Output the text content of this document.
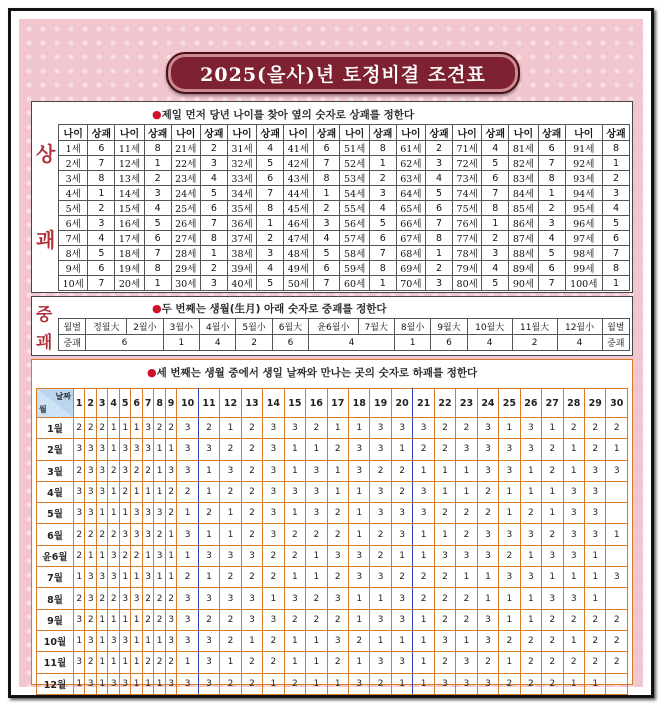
2025(을사)년 토정비결 조견표
상
괘
●제일 먼저 당년 나이를 찾아 옆의 숫자로 상괘를 정한다
나이	상괘	나이	상괘	나이	상괘	나이	상괘	나이	상괘	나이	상괘	나이	상괘	나이	상괘	나이	상괘	나이	상괘
1세	6	11세	8	21세	2	31세	4	41세	6	51세	8	61세	2	71세	4	81세	6	91세	8
2세	7	12세	1	22세	3	32세	5	42세	7	52세	1	62세	3	72세	5	82세	7	92세	1
3세	8	13세	2	23세	4	33세	6	43세	8	53세	2	63세	4	73세	6	83세	8	93세	2
4세	1	14세	3	24세	5	34세	7	44세	1	54세	3	64세	5	74세	7	84세	1	94세	3
5세	2	15세	4	25세	6	35세	8	45세	2	55세	4	65세	6	75세	8	85세	2	95세	4
6세	3	16세	5	26세	7	36세	1	46세	3	56세	5	66세	7	76세	1	86세	3	96세	5
7세	4	17세	6	27세	8	37세	2	47세	4	57세	6	67세	8	77세	2	87세	4	97세	6
8세	5	18세	7	28세	1	38세	3	48세	5	58세	7	68세	1	78세	3	88세	5	98세	7
9세	6	19세	8	29세	2	39세	4	49세	6	59세	8	69세	2	79세	4	89세	6	99세	8
10세	7	20세	1	30세	3	40세	5	50세	7	60세	1	70세	3	80세	5	90세	7	100세	1
중
괘
●두 번째는 생월(生月) 아래 숫자로 중괘를 정한다
월별	정월大	2월小	3월小	4월小	5월小	6월大	윤6월小	7월大	8월小	9월大	10월大	11월大	12월小	월별
중괘	6		1	4	2	6	4		1	6	4	2	4	중괘
●세 번째는 생월 중에서 생일 날짜와 만나는 곳의 숫자로 하괘를 정한다
날짜
월	1	2	3	4	5	6	7	8	9	10	11	12	13	14	15	16	17	18	19	20	21	22	23	24	25	26	27	28	29	30
1월	2	2	2	1	1	1	3	2	2	3	2	1	2	3	3	2	1	1	3	3	3	2	2	3	1	3	1	2	2	2
2월	3	3	3	1	3	3	3	1	1	3	3	2	2	3	1	1	2	3	3	1	2	2	3	3	3	3	2	1	2	1
3월	2	3	3	2	3	2	2	1	3	3	1	3	2	3	1	3	1	3	2	2	1	1	1	3	3	1	2	1	3	3
4월	3	3	3	1	2	1	1	1	2	2	1	2	2	3	3	3	1	1	3	2	3	1	1	2	1	1	1	3	3	
5월	3	3	1	1	1	3	3	3	2	1	2	1	2	3	1	3	2	1	3	3	3	2	2	2	1	2	1	3	3	
6월	2	2	2	2	3	3	3	2	1	3	1	1	2	3	2	2	2	1	2	3	1	1	2	3	3	3	2	3	3	1
윤6월	2	1	1	3	2	2	1	3	1	1	3	3	3	2	2	1	3	3	2	1	1	3	3	3	2	1	3	3	1	
7월	1	3	3	3	1	1	3	1	1	2	1	2	2	2	1	1	2	3	3	2	2	2	1	1	3	3	1	1	1	3
8월	2	3	2	2	3	3	2	2	2	3	3	3	3	1	3	2	3	1	1	3	2	2	2	1	1	1	3	3	1	
9월	3	2	1	1	1	1	2	2	3	3	2	2	3	3	2	2	2	1	3	3	1	2	2	3	1	1	2	2	2	2
10월	1	3	1	3	3	1	1	1	3	3	3	2	1	2	1	1	3	2	1	1	1	3	1	3	2	2	2	1	2	2
11월	3	2	1	1	1	1	2	2	2	1	3	1	2	2	1	1	2	1	3	3	1	2	3	2	1	2	2	2	2	2
12월	1	3	1	3	3	1	1	1	3	3	3	2	2	1	2	1	1	3	2	1	1	3	3	3	2	2	2	1	1	
